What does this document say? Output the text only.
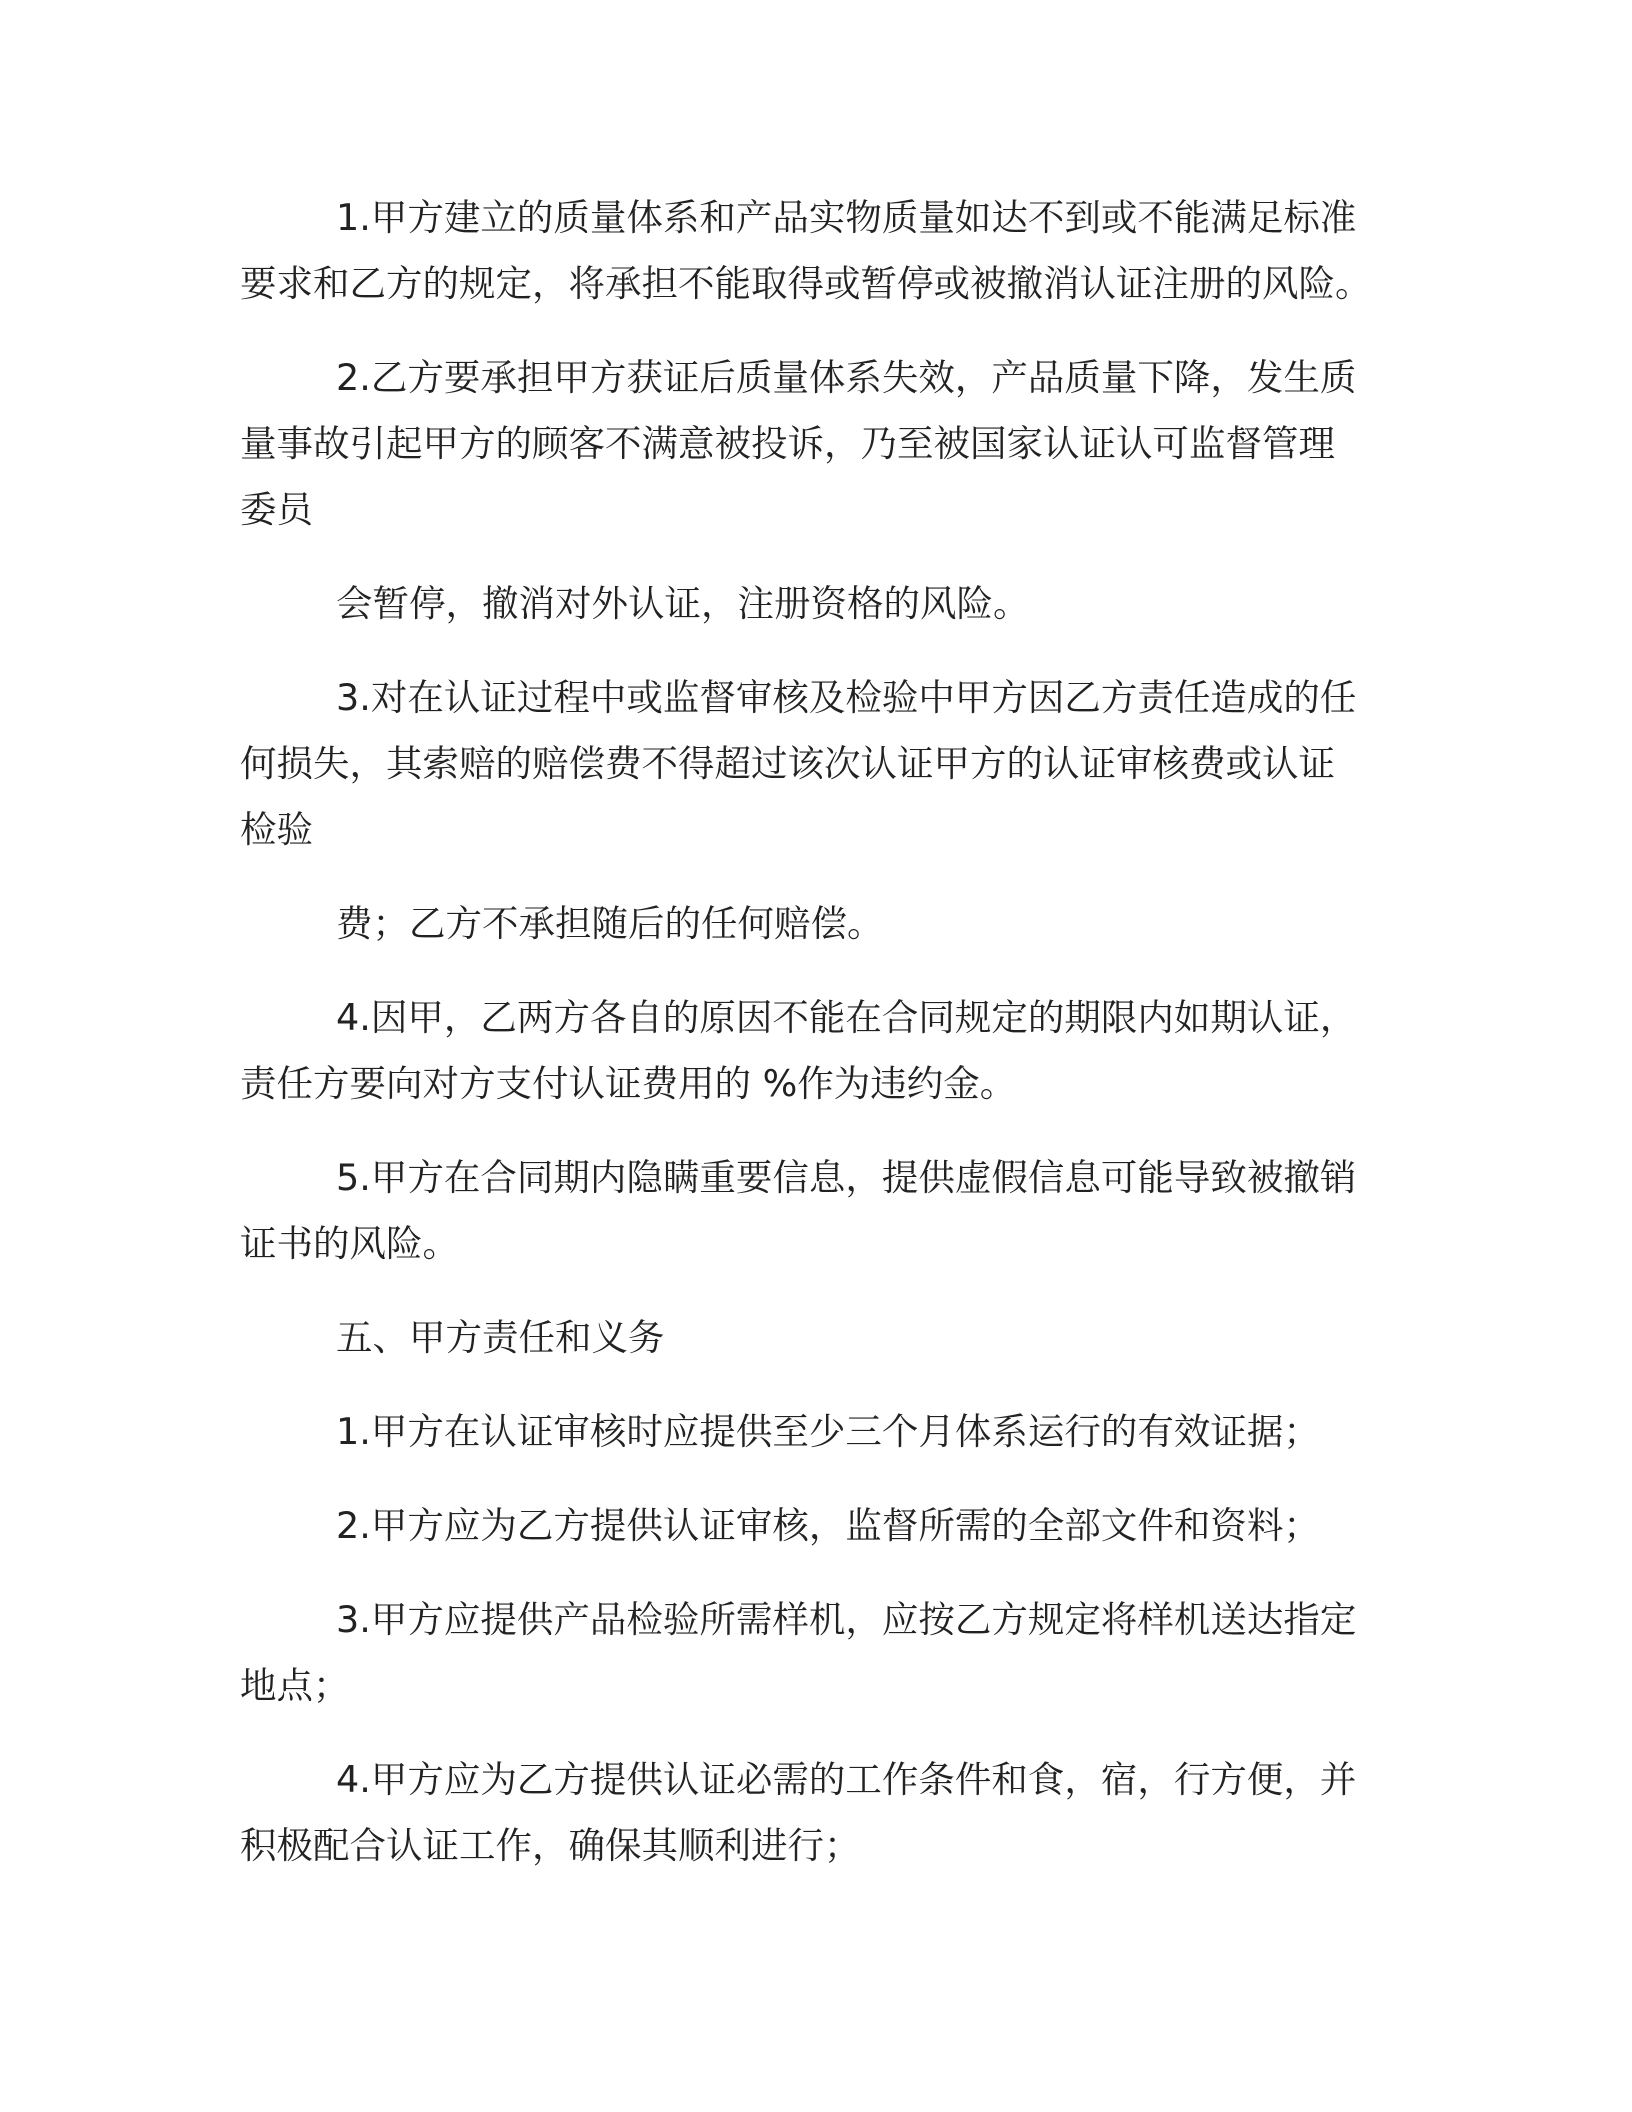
1.甲方建立的质量体系和产品实物质量如达不到或不能满足标准
要求和乙方的规定，将承担不能取得或暂停或被撤消认证注册的风险。
2.乙方要承担甲方获证后质量体系失效，产品质量下降，发生质
量事故引起甲方的顾客不满意被投诉，乃至被国家认证认可监督管理
委员
会暂停，撤消对外认证，注册资格的风险。
3.对在认证过程中或监督审核及检验中甲方因乙方责任造成的任
何损失，其索赔的赔偿费不得超过该次认证甲方的认证审核费或认证
检验
费；乙方不承担随后的任何赔偿。
4.因甲，乙两方各自的原因不能在合同规定的期限内如期认证，
责任方要向对方支付认证费用的 %作为违约金。
5.甲方在合同期内隐瞒重要信息，提供虚假信息可能导致被撤销
证书的风险。
五、甲方责任和义务
1.甲方在认证审核时应提供至少三个月体系运行的有效证据；
2.甲方应为乙方提供认证审核，监督所需的全部文件和资料；
3.甲方应提供产品检验所需样机，应按乙方规定将样机送达指定
地点；
4.甲方应为乙方提供认证必需的工作条件和食，宿，行方便，并
积极配合认证工作，确保其顺利进行；
